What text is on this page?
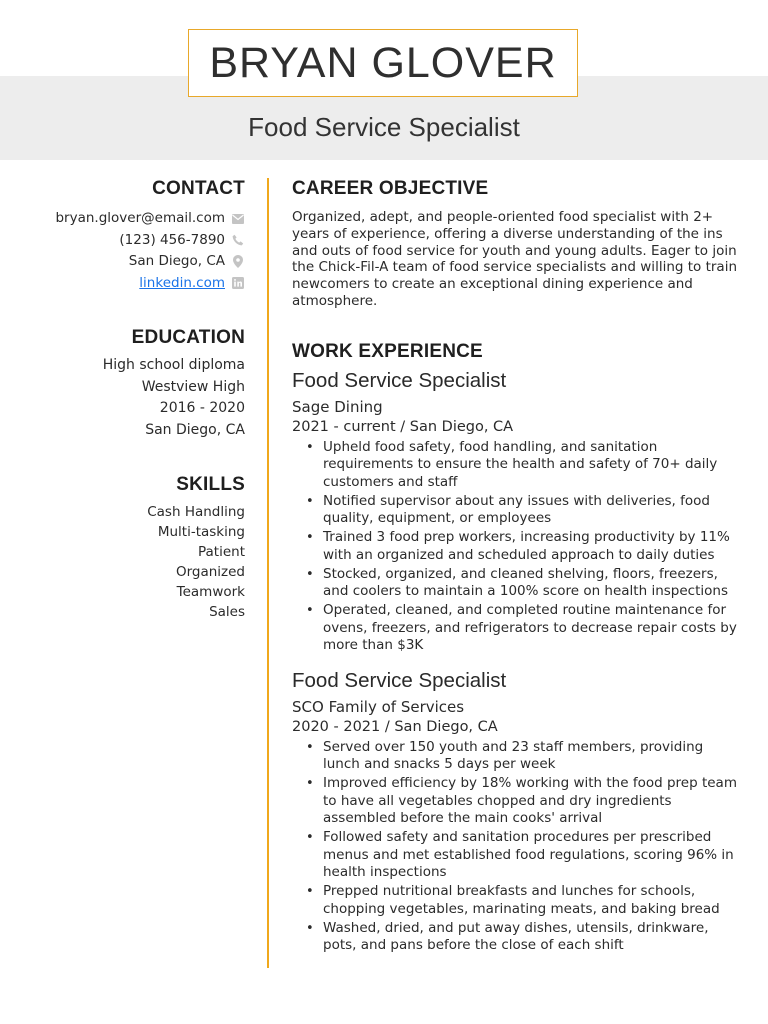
BRYAN GLOVER
Food Service Specialist
CONTACT
bryan.glover@email.com
(123) 456-7890
San Diego, CA
linkedin.com
EDUCATION
High school diploma
Westview High
2016 - 2020
San Diego, CA
SKILLS
Cash Handling
Multi-tasking
Patient
Organized
Teamwork
Sales
CAREER OBJECTIVE
Organized, adept, and people-oriented food specialist with 2+ years of experience, offering a diverse understanding of the ins and outs of food service for youth and young adults. Eager to join the Chick-Fil-A team of food service specialists and willing to train newcomers to create an exceptional dining experience and atmosphere.
WORK EXPERIENCE
Food Service Specialist
Sage Dining
2021 - current / San Diego, CA
• Upheld food safety, food handling, and sanitation requirements to ensure the health and safety of 70+ daily customers and staff
• Notified supervisor about any issues with deliveries, food quality, equipment, or employees
• Trained 3 food prep workers, increasing productivity by 11% with an organized and scheduled approach to daily duties
• Stocked, organized, and cleaned shelving, floors, freezers, and coolers to maintain a 100% score on health inspections
• Operated, cleaned, and completed routine maintenance for ovens, freezers, and refrigerators to decrease repair costs by more than $3K
Food Service Specialist
SCO Family of Services
2020 - 2021 / San Diego, CA
• Served over 150 youth and 23 staff members, providing lunch and snacks 5 days per week
• Improved efficiency by 18% working with the food prep team to have all vegetables chopped and dry ingredients assembled before the main cooks' arrival
• Followed safety and sanitation procedures per prescribed menus and met established food regulations, scoring 96% in health inspections
• Prepped nutritional breakfasts and lunches for schools, chopping vegetables, marinating meats, and baking bread
• Washed, dried, and put away dishes, utensils, drinkware, pots, and pans before the close of each shift
